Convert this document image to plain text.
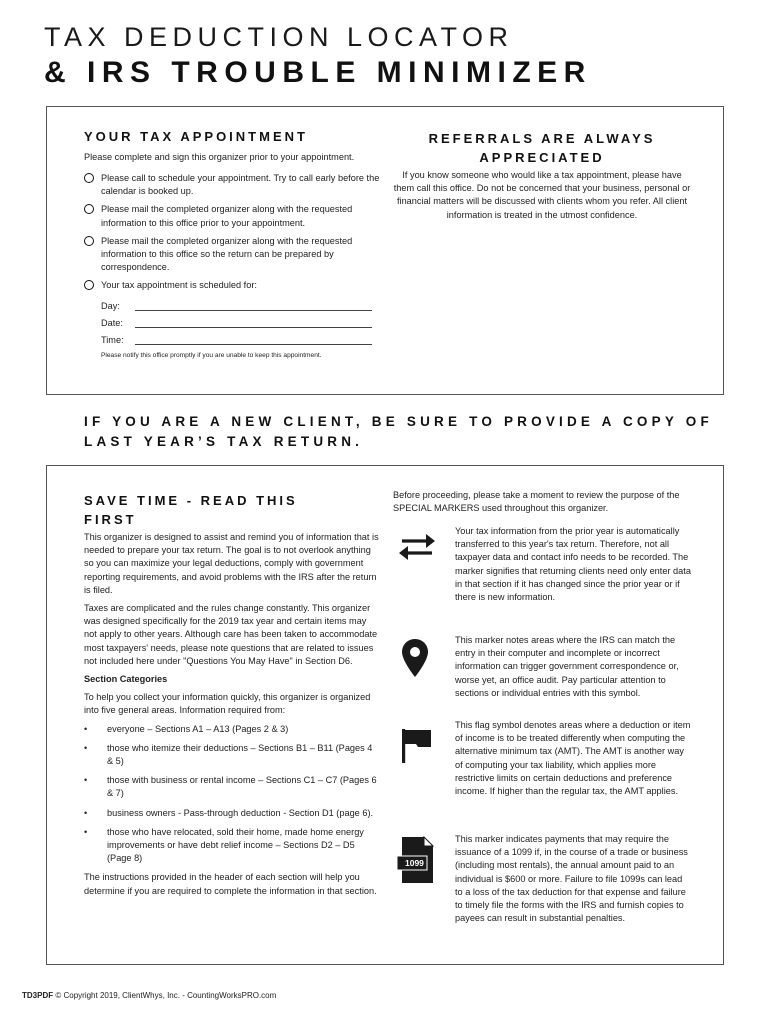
TAX DEDUCTION LOCATOR
& IRS TROUBLE MINIMIZER
YOUR TAX APPOINTMENT
Please complete and sign this organizer prior to your appointment.
Please call to schedule your appointment. Try to call early before the calendar is booked up.
Please mail the completed organizer along with the requested information to this office prior to your appointment.
Please mail the completed organizer along with the requested information to this office so the return can be prepared by correspondence.
Your tax appointment is scheduled for:
Day:
Date:
Time:
Please notify this office promptly if you are unable to keep this appointment.
REFERRALS ARE ALWAYS
APPRECIATED
If you know someone who would like a tax appointment, please have them call this office. Do not be concerned that your business, personal or financial matters will be discussed with clients whom you refer. All client information is treated in the utmost confidence.
IF YOU ARE A NEW CLIENT, BE SURE TO PROVIDE A COPY OF
LAST YEAR’S TAX RETURN.
SAVE TIME - READ THIS
FIRST
This organizer is designed to assist and remind you of information that is needed to prepare your tax return. The goal is to not overlook anything so you can maximize your legal deductions, comply with government reporting requirements, and avoid problems with the IRS after the return is filed.
Taxes are complicated and the rules change constantly. This organizer was designed specifically for the 2019 tax year and certain items may not apply to other years. Although care has been taken to accommodate most taxpayers' needs, please note questions that are related to issues not included here under "Questions You May Have" in Section D6.
Section Categories
To help you collect your information quickly, this organizer is organized into five general areas. Information required from:
• everyone – Sections A1 – A13 (Pages 2 & 3)
• those who itemize their deductions – Sections B1 – B11 (Pages 4 & 5)
• those with business or rental income – Sections C1 – C7 (Pages 6 & 7)
• business owners - Pass-through deduction - Section D1 (page 6).
• those who have relocated, sold their home, made home energy improvements or have debt relief income – Sections D2 – D5 (Page 8)
The instructions provided in the header of each section will help you determine if you are required to complete the information in that section.
Before proceeding, please take a moment to review the purpose of the SPECIAL MARKERS used throughout this organizer.
Your tax information from the prior year is automatically transferred to this year's tax return. Therefore, not all taxpayer data and contact info needs to be recorded. The marker signifies that returning clients need only enter data in that section if it has changed since the prior year or if there is new information.
This marker notes areas where the IRS can match the entry in their computer and incomplete or incorrect information can trigger government correspondence or, worse yet, an office audit. Pay particular attention to sections or individual entries with this symbol.
This flag symbol denotes areas where a deduction or item of income is to be treated differently when computing the alternative minimum tax (AMT). The AMT is another way of computing your tax liability, which applies more restrictive limits on certain deductions and preference income. If higher than the regular tax, the AMT applies.
1099
This marker indicates payments that may require the issuance of a 1099 if, in the course of a trade or business (including most rentals), the annual amount paid to an individual is $600 or more. Failure to file 1099s can lead to a loss of the tax deduction for that expense and failure to timely file the forms with the IRS and furnish copies to payees can result in substantial penalties.
TD3PDF © Copyright 2019, ClientWhys, Inc. - CountingWorksPRO.com
